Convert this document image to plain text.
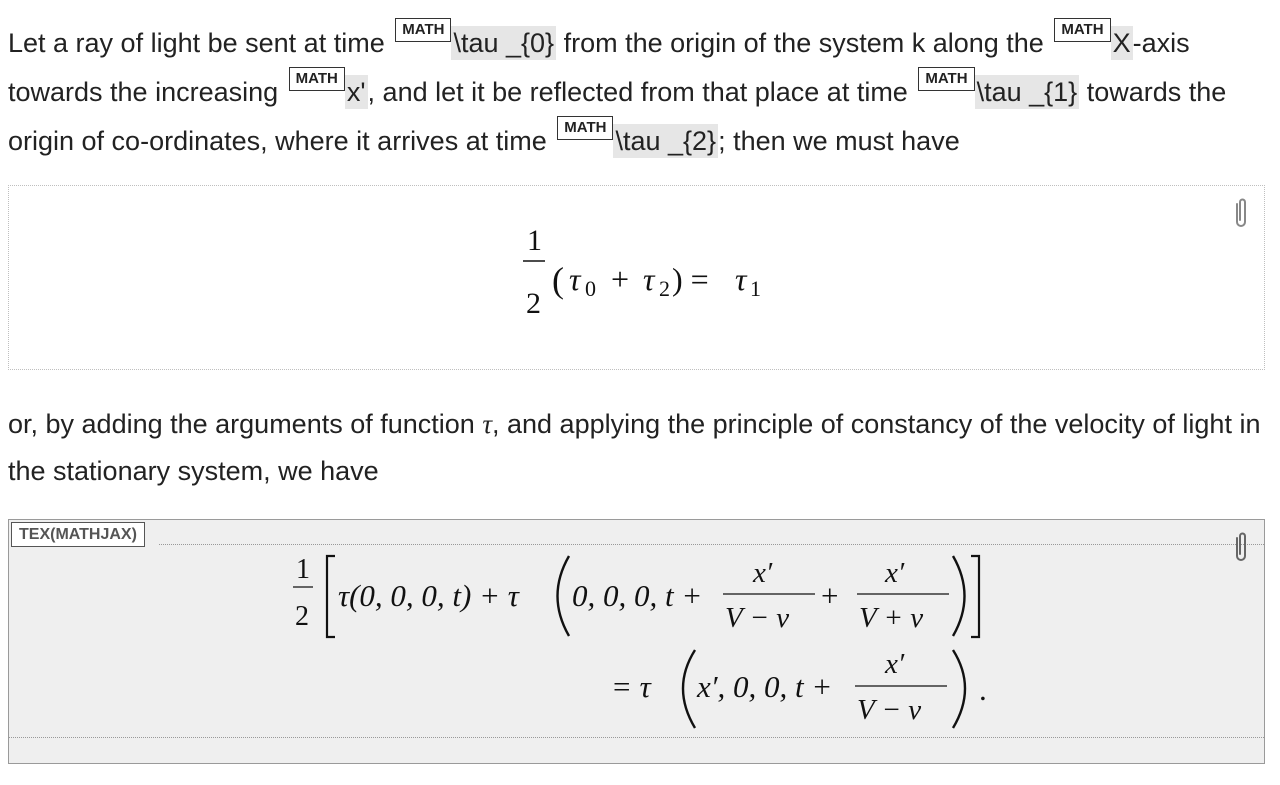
Let a ray of light be sent at time MATH \tau _{0} from the origin of the system k along the MATH X-axis towards the increasing MATH x', and let it be reflected from that place at time MATH \tau _{1} towards the origin of co-ordinates, where it arrives at time MATH \tau _{2}; then we must have
1
2
( τ 0 + τ 2 ) = τ 1
or, by adding the arguments of function τ, and applying the principle of constancy of the velocity of light in the stationary system, we have
TEX(MATHJAX)
1
2
τ(0, 0, 0, t) + τ 0, 0, 0, t +
x′
V − v
+
x′
V + v
= τ x′, 0, 0, t +
x′
V − v
.
